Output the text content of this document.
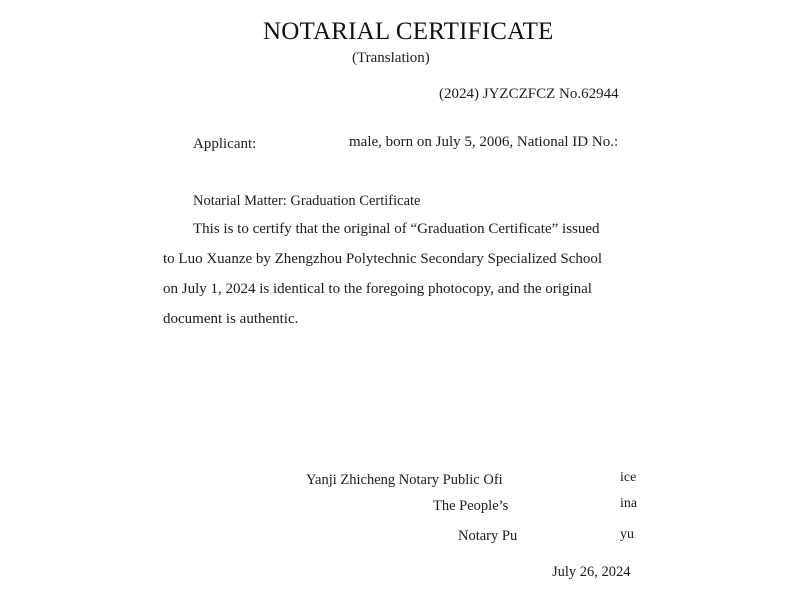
NOTARIAL CERTIFICATE
(Translation)
(2024) JYZCZFCZ No.62944
Applicant:	male, born on July 5, 2006, National ID No.:
Notarial Matter: Graduation Certificate
This is to certify that the original of “Graduation Certificate” issued
to Luo Xuanze by Zhengzhou Polytechnic Secondary Specialized School
on July 1, 2024 is identical to the foregoing photocopy, and the original
document is authentic.
Yanji Zhicheng Notary Public Ofi	ice
The People’s	ina
Notary Pu	yu
July 26, 2024
